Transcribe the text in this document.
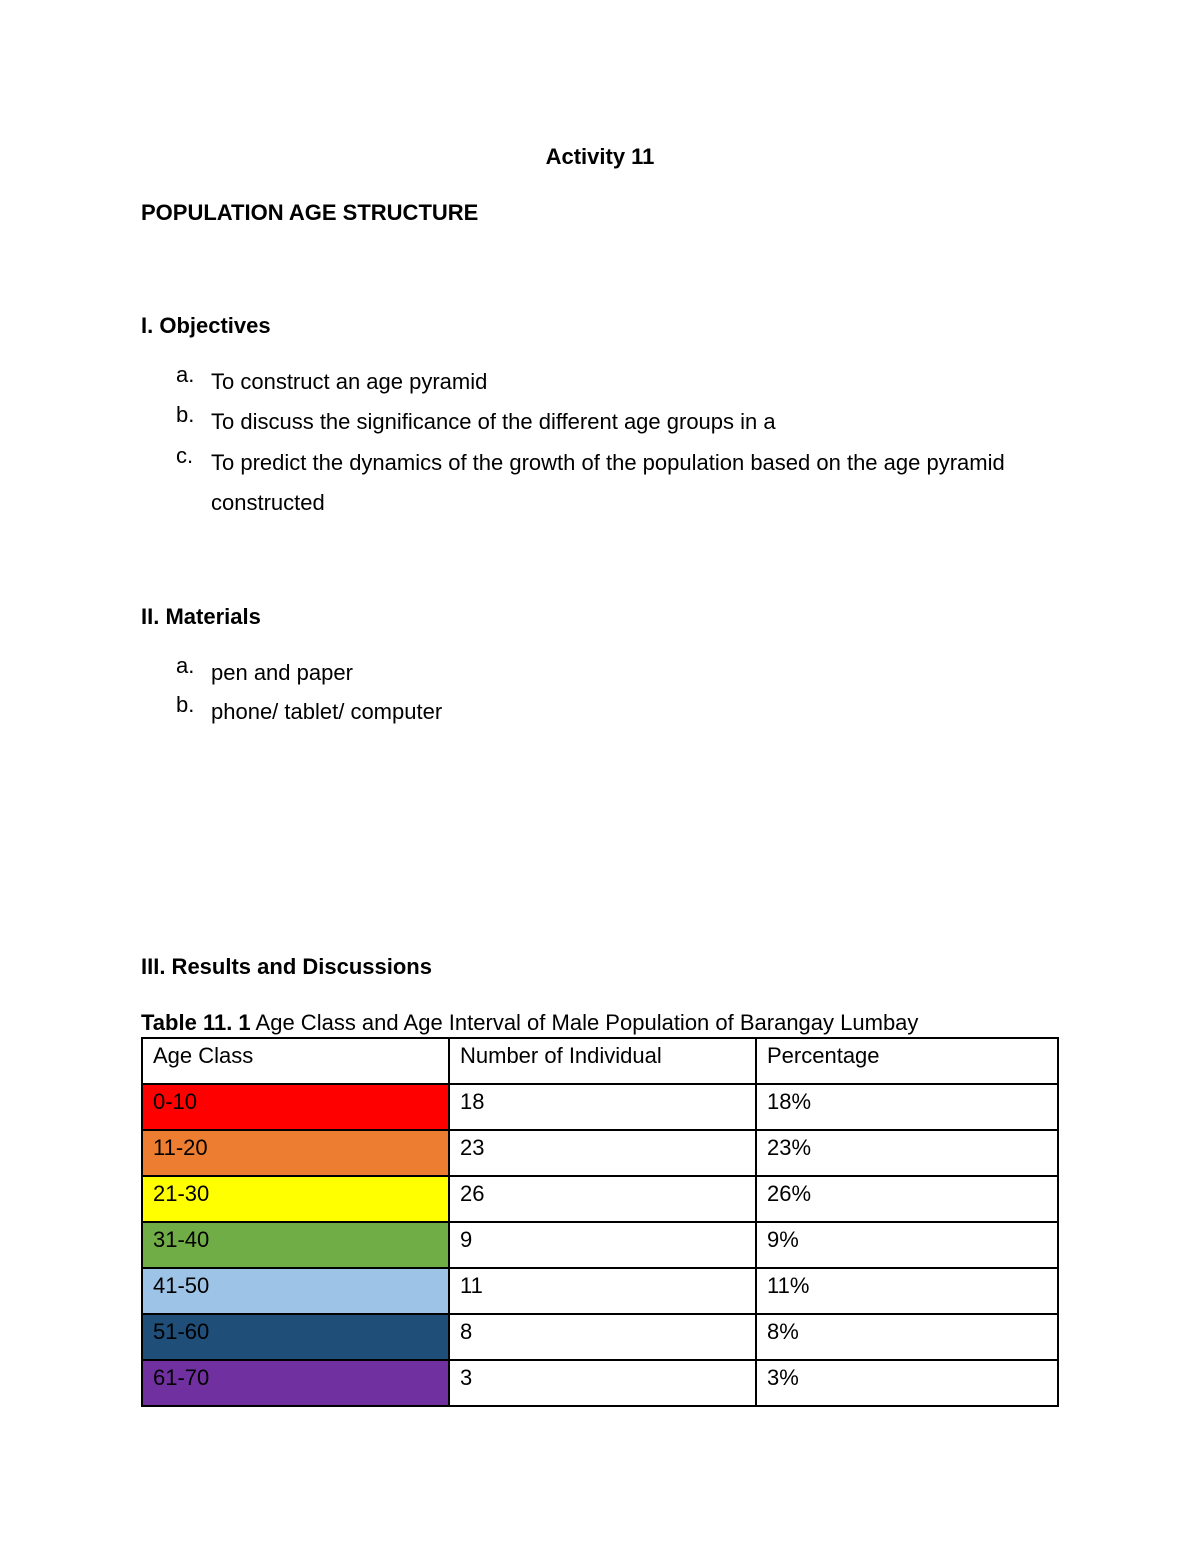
Activity 11
POPULATION AGE STRUCTURE
I. Objectives
a. To construct an age pyramid
b. To discuss the significance of the different age groups in a
c. To predict the dynamics of the growth of the population based on the age pyramid constructed
II. Materials
a. pen and paper
b. phone/ tablet/ computer
III. Results and Discussions
Table 11. 1 Age Class and Age Interval of Male Population of Barangay Lumbay
Age Class	Number of Individual	Percentage
0-10	18	18%
11-20	23	23%
21-30	26	26%
31-40	9	9%
41-50	11	11%
51-60	8	8%
61-70	3	3%
